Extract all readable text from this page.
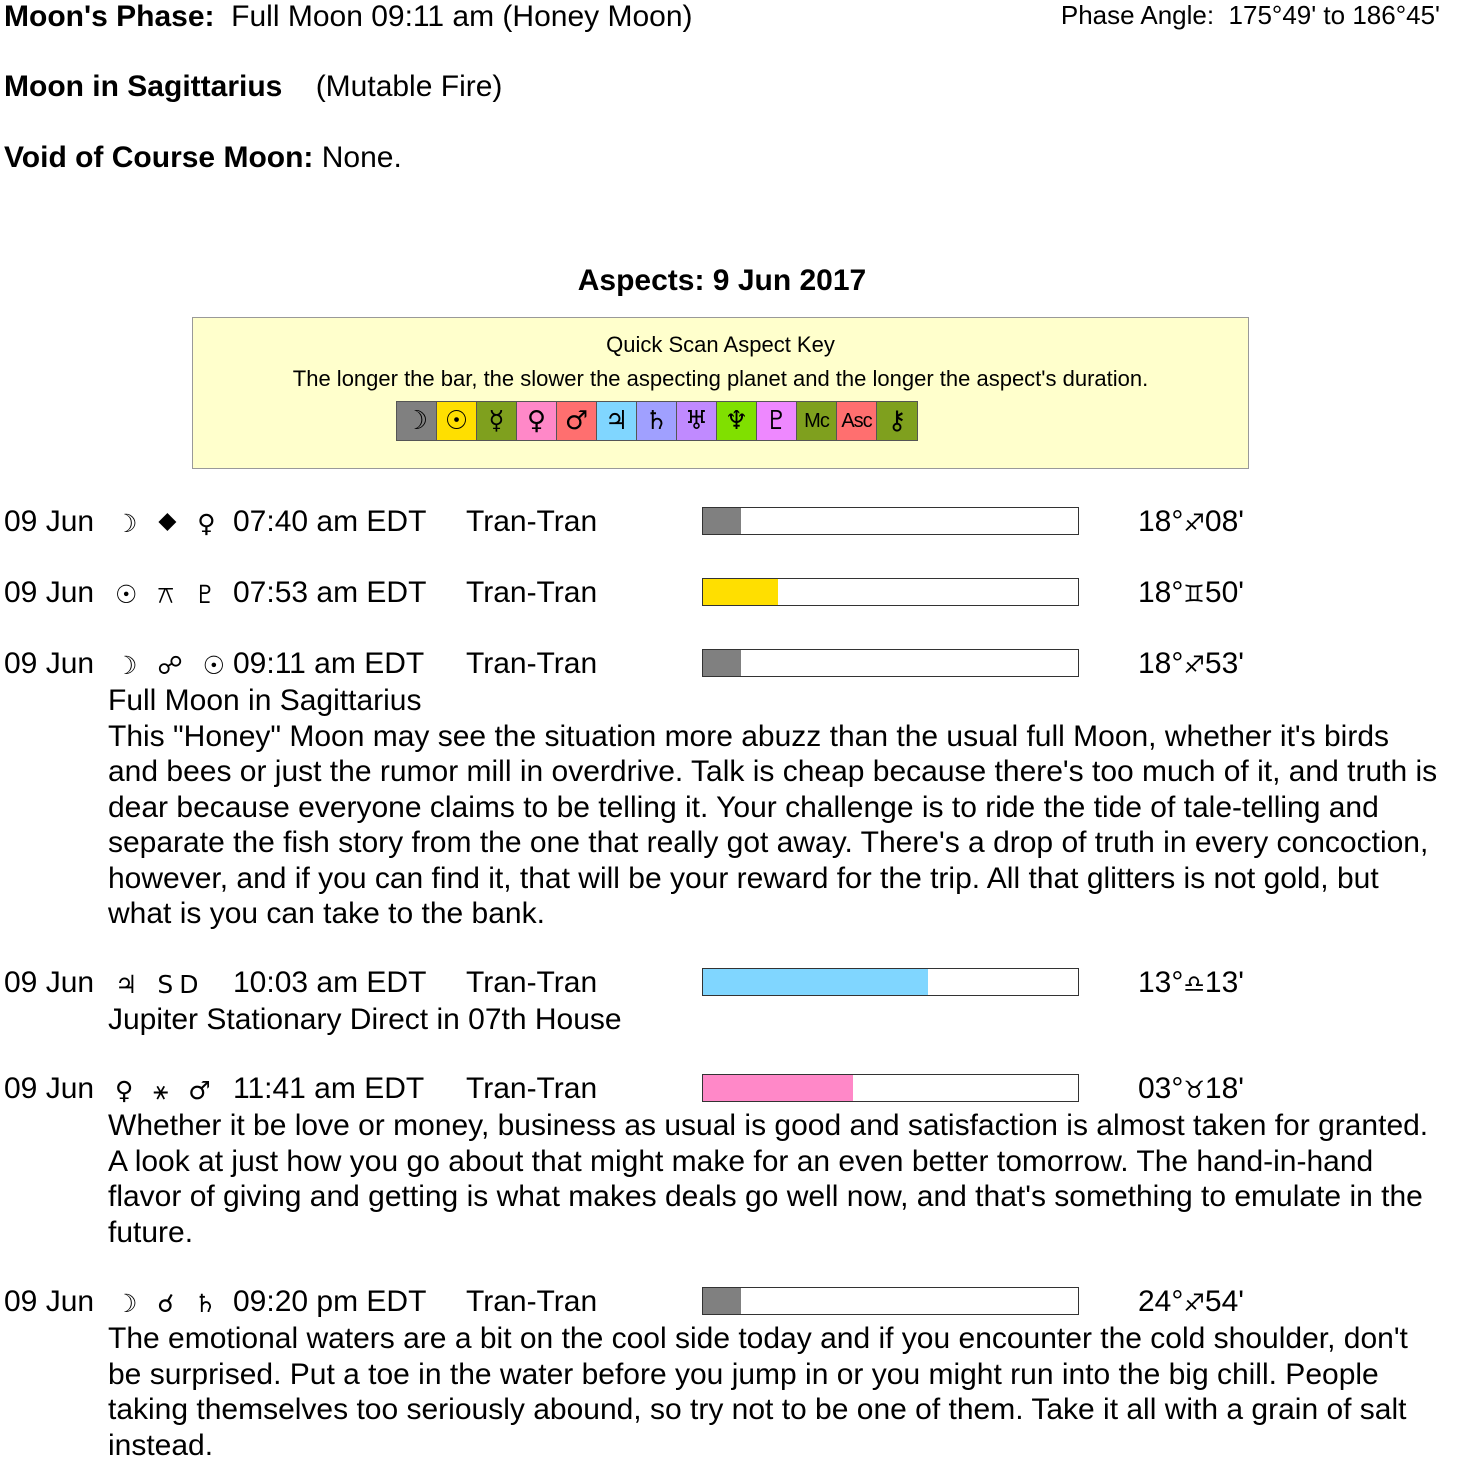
Moon's Phase: Full Moon 09:11 am (Honey Moon)	Phase Angle: 175°49' to 186°45'
Moon in Sagittarius (Mutable Fire)
Void of Course Moon: None.
Aspects: 9 Jun 2017
Quick Scan Aspect Key
The longer the bar, the slower the aspecting planet and the longer the aspect's duration.
☽ ☉ ☿ ♀ ♂ ♃ ♄ ♅ ♆ ♇ Mc Asc ⚷
09 Jun ☽ ⯁ ♀ 07:40 am EDT Tran-Tran	18°♐08'
09 Jun ☉ ⚻ ♇ 07:53 am EDT Tran-Tran	18°♊50'
09 Jun ☽ ☍ ☉ 09:11 am EDT Tran-Tran	18°♐53'
Full Moon in Sagittarius
This "Honey" Moon may see the situation more abuzz than the usual full Moon, whether it's birds and bees or just the rumor mill in overdrive. Talk is cheap because there's too much of it, and truth is dear because everyone claims to be telling it. Your challenge is to ride the tide of tale-telling and separate the fish story from the one that really got away. There's a drop of truth in every concoction, however, and if you can find it, that will be your reward for the trip. All that glitters is not gold, but what is you can take to the bank.
09 Jun ♃ SD 10:03 am EDT Tran-Tran	13°♎13'
Jupiter Stationary Direct in 07th House
09 Jun ♀ ⚹ ♂ 11:41 am EDT Tran-Tran	03°♉18'
Whether it be love or money, business as usual is good and satisfaction is almost taken for granted. A look at just how you go about that might make for an even better tomorrow. The hand-in-hand flavor of giving and getting is what makes deals go well now, and that's something to emulate in the future.
09 Jun ☽ ☌ ♄ 09:20 pm EDT Tran-Tran	24°♐54'
The emotional waters are a bit on the cool side today and if you encounter the cold shoulder, don't be surprised. Put a toe in the water before you jump in or you might run into the big chill. People taking themselves too seriously abound, so try not to be one of them. Take it all with a grain of salt instead.
